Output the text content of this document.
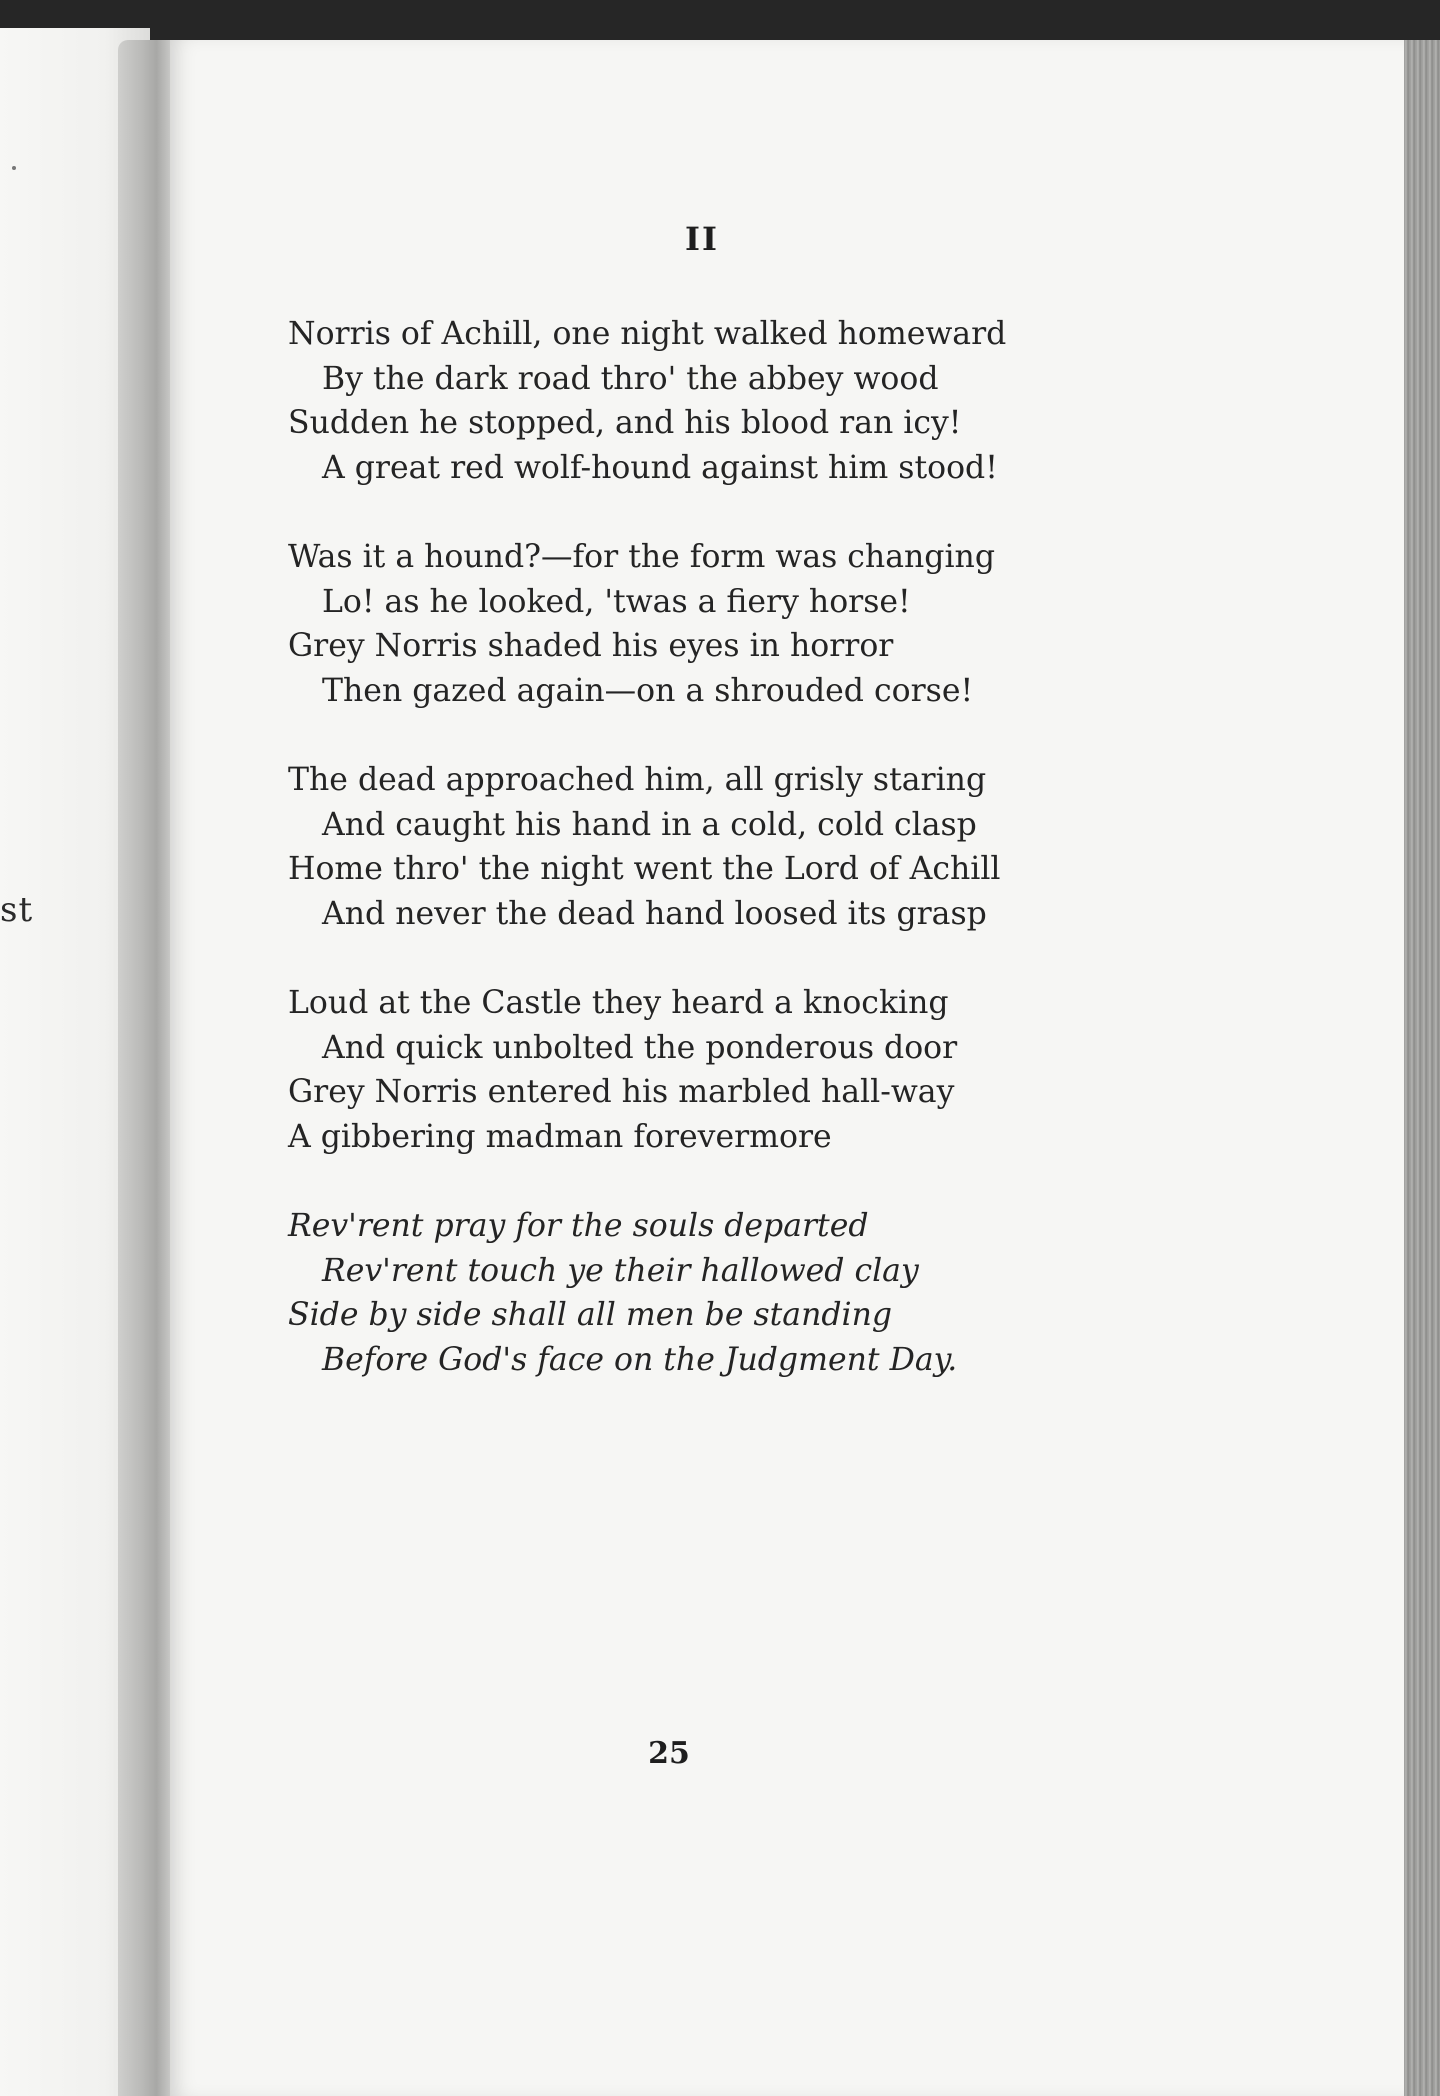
st
II
Norris of Achill, one night walked homeward
By the dark road thro' the abbey wood
Sudden he stopped, and his blood ran icy!
A great red wolf-hound against him stood!
Was it a hound?—for the form was changing
Lo! as he looked, 'twas a fiery horse!
Grey Norris shaded his eyes in horror
Then gazed again—on a shrouded corse!
The dead approached him, all grisly staring
And caught his hand in a cold, cold clasp
Home thro' the night went the Lord of Achill
And never the dead hand loosed its grasp
Loud at the Castle they heard a knocking
And quick unbolted the ponderous door
Grey Norris entered his marbled hall-way
A gibbering madman forevermore
Rev'rent pray for the souls departed
Rev'rent touch ye their hallowed clay
Side by side shall all men be standing
Before God's face on the Judgment Day.
25
